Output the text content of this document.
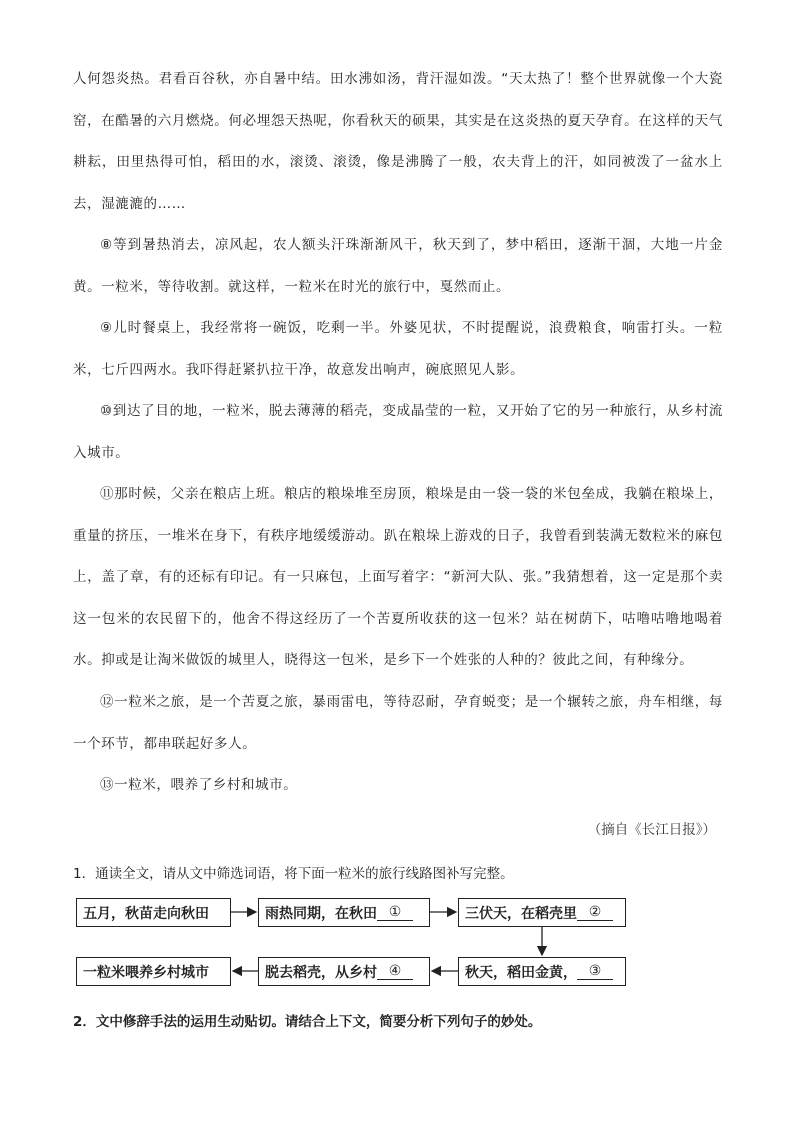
人何怨炎热。君看百谷秋，亦自暑中结。田水沸如汤，背汗湿如泼。“天太热了！整个世界就像一个大瓷窑，在酷暑的六月燃烧。何必埋怨天热呢，你看秋天的硕果，其实是在这炎热的夏天孕育。在这样的天气耕耘，田里热得可怕，稻田的水，滚烫、滚烫，像是沸腾了一般，农夫背上的汗，如同被泼了一盆水上去，湿漉漉的……

⑧等到暑热消去，凉风起，农人额头汗珠渐渐风干，秋天到了，梦中稻田，逐渐干涸，大地一片金黄。一粒米，等待收割。就这样，一粒米在时光的旅行中，戛然而止。

⑨儿时餐桌上，我经常将一碗饭，吃剩一半。外婆见状，不时提醒说，浪费粮食，响雷打头。一粒米，七斤四两水。我吓得赶紧扒拉干净，故意发出响声，碗底照见人影。

⑩到达了目的地，一粒米，脱去薄薄的稻壳，变成晶莹的一粒，又开始了它的另一种旅行，从乡村流入城市。

⑪那时候，父亲在粮店上班。粮店的粮垛堆至房顶，粮垛是由一袋一袋的米包垒成，我躺在粮垛上，重量的挤压，一堆米在身下，有秩序地缓缓游动。趴在粮垛上游戏的日子，我曾看到装满无数粒米的麻包上，盖了章，有的还标有印记。有一只麻包，上面写着字：“新河大队、张。”我猜想着，这一定是那个卖这一包米的农民留下的，他舍不得这经历了一个苦夏所收获的这一包米？站在树荫下，咕噜咕噜地喝着水。抑或是让淘米做饭的城里人，晓得这一包米，是乡下一个姓张的人种的？彼此之间，有种缘分。

⑫一粒米之旅，是一个苦夏之旅，暴雨雷电，等待忍耐，孕育蜕变；是一个辗转之旅，舟车相继，每一个环节，都串联起好多人。

⑬一粒米，喂养了乡村和城市。

（摘自《长江日报》）

1．通读全文，请从文中筛选词语，将下面一粒米的旅行线路图补写完整。

五月，秋苗走向秋田	雨热同期，在秋田 ①	三伏天，在稻壳里 ②
秋天，稻田金黄， ③
脱去稻壳，从乡村 ④
一粒米喂养乡村城市

2．文中修辞手法的运用生动贴切。请结合上下文，简要分析下列句子的妙处。
